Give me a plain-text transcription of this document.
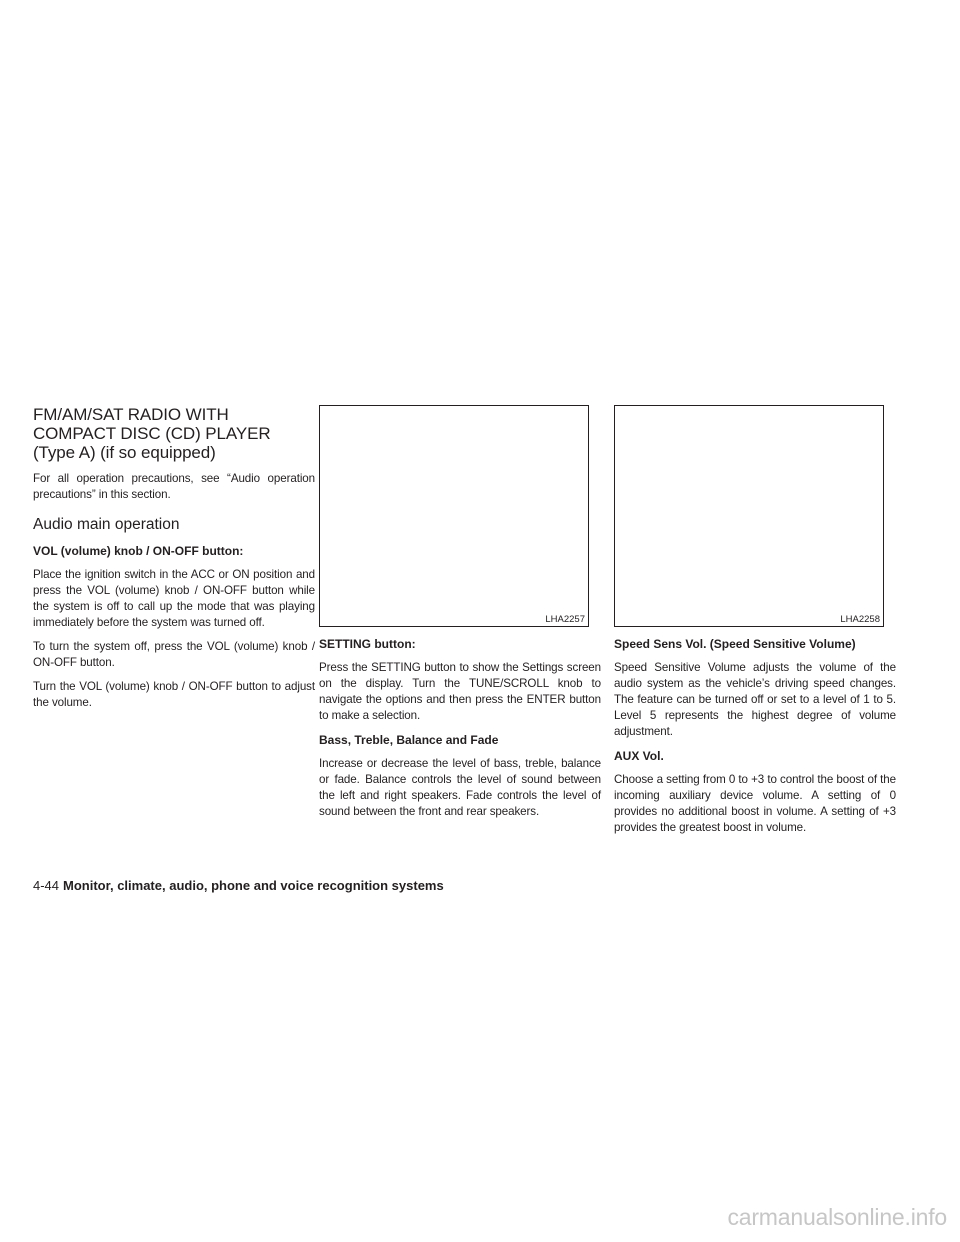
FM/AM/SAT RADIO WITH COMPACT DISC (CD) PLAYER (Type A) (if so equipped)

For all operation precautions, see “Audio operation precautions” in this section.

Audio main operation
VOL (volume) knob / ON-OFF button:

Place the ignition switch in the ACC or ON position and press the VOL (volume) knob / ON-OFF button while the system is off to call up the mode that was playing immediately before the system was turned off.

To turn the system off, press the VOL (volume) knob / ON-OFF button.

Turn the VOL (volume) knob / ON-OFF button to adjust the volume.

LHA2257
SETTING button:

Press the SETTING button to show the Settings screen on the display. Turn the TUNE/SCROLL knob to navigate the options and then press the ENTER button to make a selection.

Bass, Treble, Balance and Fade

Increase or decrease the level of bass, treble, balance or fade. Balance controls the level of sound between the left and right speakers. Fade controls the level of sound between the front and rear speakers.

LHA2258
Speed Sens Vol. (Speed Sensitive Volume)

Speed Sensitive Volume adjusts the volume of the audio system as the vehicle’s driving speed changes. The feature can be turned off or set to a level of 1 to 5. Level 5 represents the highest degree of volume adjustment.

AUX Vol.

Choose a setting from 0 to +3 to control the boost of the incoming auxiliary device volume. A setting of 0 provides no additional boost in volume. A setting of +3 provides the greatest boost in volume.

4-44 Monitor, climate, audio, phone and voice recognition systems
carmanualsonline.info
